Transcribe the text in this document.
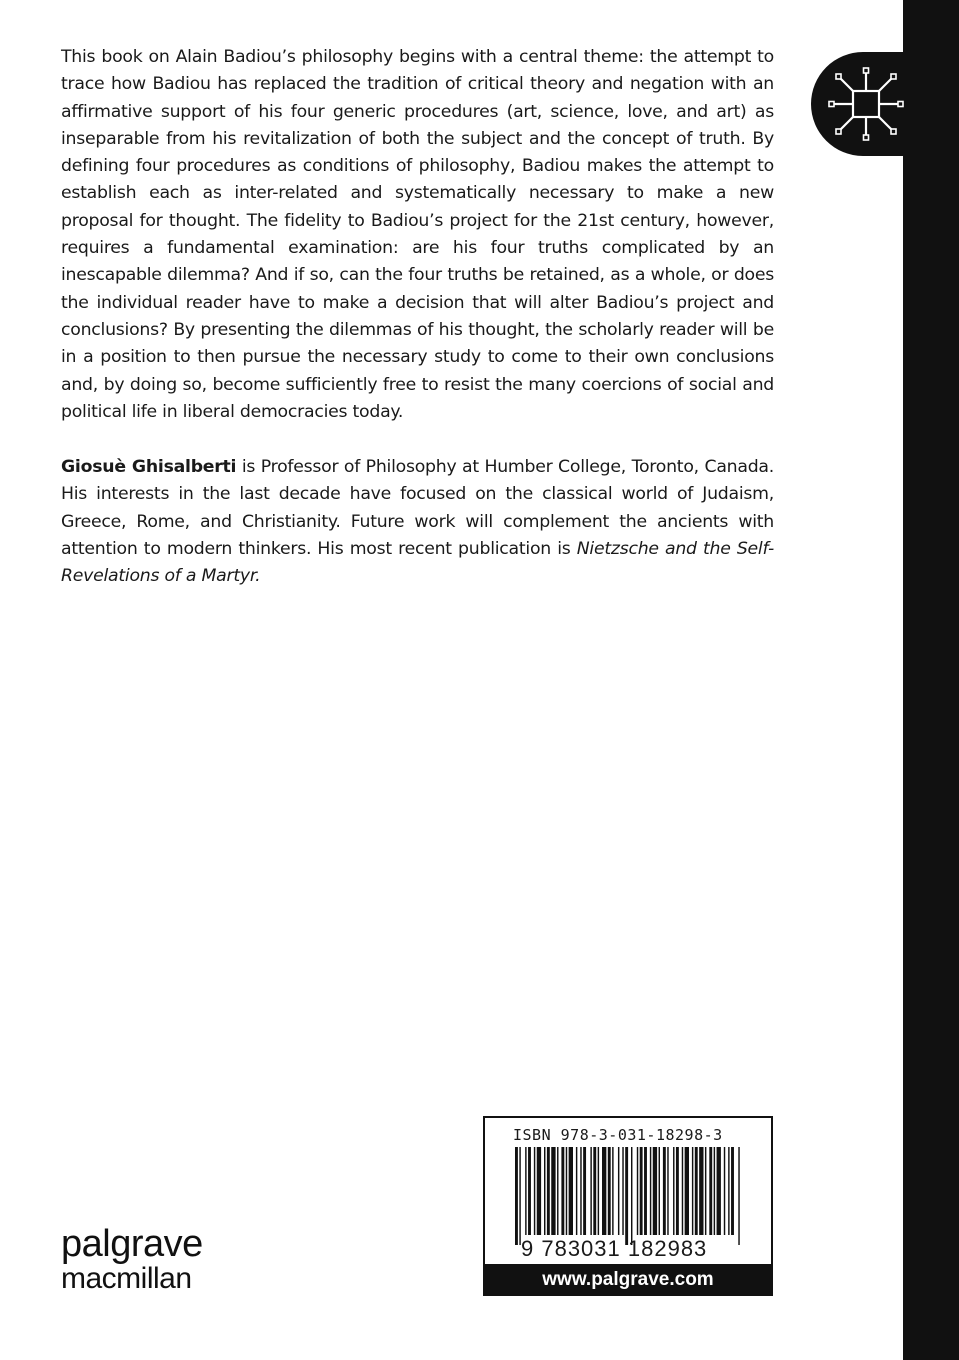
This book on Alain Badiou’s philosophy begins with a central theme: the attempt to trace how Badiou has replaced the tradition of critical theory and negation with an affirmative support of his four generic procedures (art, science, love, and art) as inseparable from his revitalization of both the subject and the concept of truth. By defining four procedures as conditions of philosophy, Badiou makes the attempt to establish each as inter-related and systematically necessary to make a new proposal for thought. The fidelity to Badiou’s project for the 21st century, however, requires a fundamental examination: are his four truths complicated by an inescapable dilemma? And if so, can the four truths be retained, as a whole, or does the individual reader have to make a decision that will alter Badiou’s project and conclusions? By presenting the dilemmas of his thought, the scholarly reader will be in a position to then pursue the necessary study to come to their own conclusions and, by doing so, become sufficiently free to resist the many coercions of social and political life in liberal democracies today.

Giosuè Ghisalberti is Professor of Philosophy at Humber College, Toronto, Canada. His interests in the last decade have focused on the classical world of Judaism, Greece, Rome, and Christianity. Future work will complement the ancients with attention to modern thinkers. His most recent publication is Nietzsche and the Self-Revelations of a Martyr.

palgrave
macmillan
ISBN 978-3-031-18298-3
9 783031 182983
www.palgrave.com
